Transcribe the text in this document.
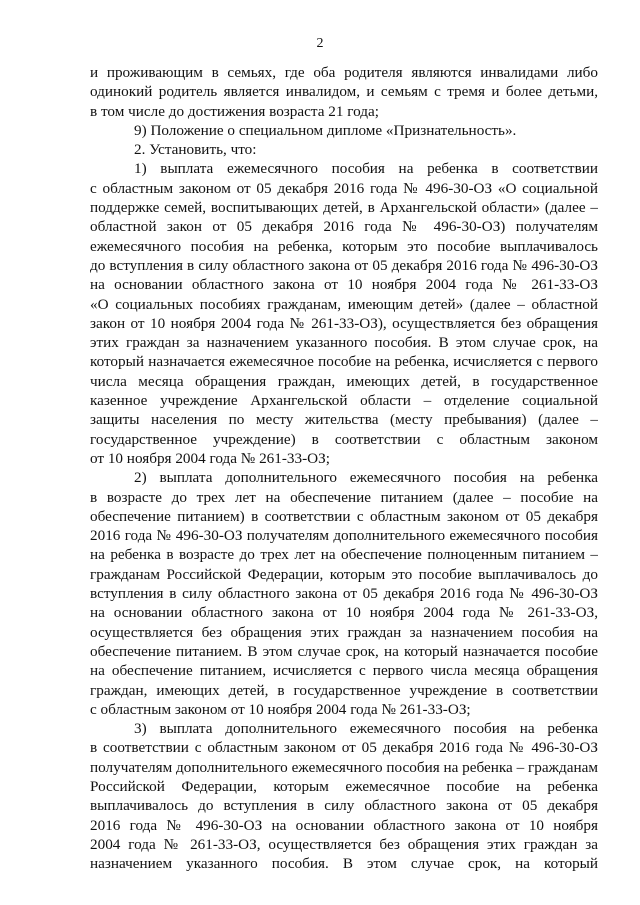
2
и проживающим в семьях, где оба родителя являются инвалидами либо
одинокий родитель является инвалидом, и семьям с тремя и более детьми,
в том числе до достижения возраста 21 года;
9) Положение о специальном дипломе «Признательность».
2. Установить, что:
1) выплата ежемесячного пособия на ребенка в соответствии
с областным законом от 05 декабря 2016 года № 496-30-ОЗ «О социальной
поддержке семей, воспитывающих детей, в Архангельской области» (далее –
областной закон от 05 декабря 2016 года № 496-30-ОЗ) получателям
ежемесячного пособия на ребенка, которым это пособие выплачивалось
до вступления в силу областного закона от 05 декабря 2016 года № 496-30-ОЗ
на основании областного закона от 10 ноября 2004 года № 261-33-ОЗ
«О социальных пособиях гражданам, имеющим детей» (далее – областной
закон от 10 ноября 2004 года № 261-33-ОЗ), осуществляется без обращения
этих граждан за назначением указанного пособия. В этом случае срок, на
который назначается ежемесячное пособие на ребенка, исчисляется с первого
числа месяца обращения граждан, имеющих детей, в государственное
казенное учреждение Архангельской области – отделение социальной
защиты населения по месту жительства (месту пребывания) (далее –
государственное учреждение) в соответствии с областным законом
от 10 ноября 2004 года № 261-33-ОЗ;
2) выплата дополнительного ежемесячного пособия на ребенка
в возрасте до трех лет на обеспечение питанием (далее – пособие на
обеспечение питанием) в соответствии с областным законом от 05 декабря
2016 года № 496-30-ОЗ получателям дополнительного ежемесячного пособия
на ребенка в возрасте до трех лет на обеспечение полноценным питанием –
гражданам Российской Федерации, которым это пособие выплачивалось до
вступления в силу областного закона от 05 декабря 2016 года № 496-30-ОЗ
на основании областного закона от 10 ноября 2004 года № 261-33-ОЗ,
осуществляется без обращения этих граждан за назначением пособия на
обеспечение питанием. В этом случае срок, на который назначается пособие
на обеспечение питанием, исчисляется с первого числа месяца обращения
граждан, имеющих детей, в государственное учреждение в соответствии
с областным законом от 10 ноября 2004 года № 261-33-ОЗ;
3) выплата дополнительного ежемесячного пособия на ребенка
в соответствии с областным законом от 05 декабря 2016 года № 496-30-ОЗ
получателям дополнительного ежемесячного пособия на ребенка – гражданам
Российской Федерации, которым ежемесячное пособие на ребенка
выплачивалось до вступления в силу областного закона от 05 декабря
2016 года № 496-30-ОЗ на основании областного закона от 10 ноября
2004 года № 261-33-ОЗ, осуществляется без обращения этих граждан за
назначением указанного пособия. В этом случае срок, на который
